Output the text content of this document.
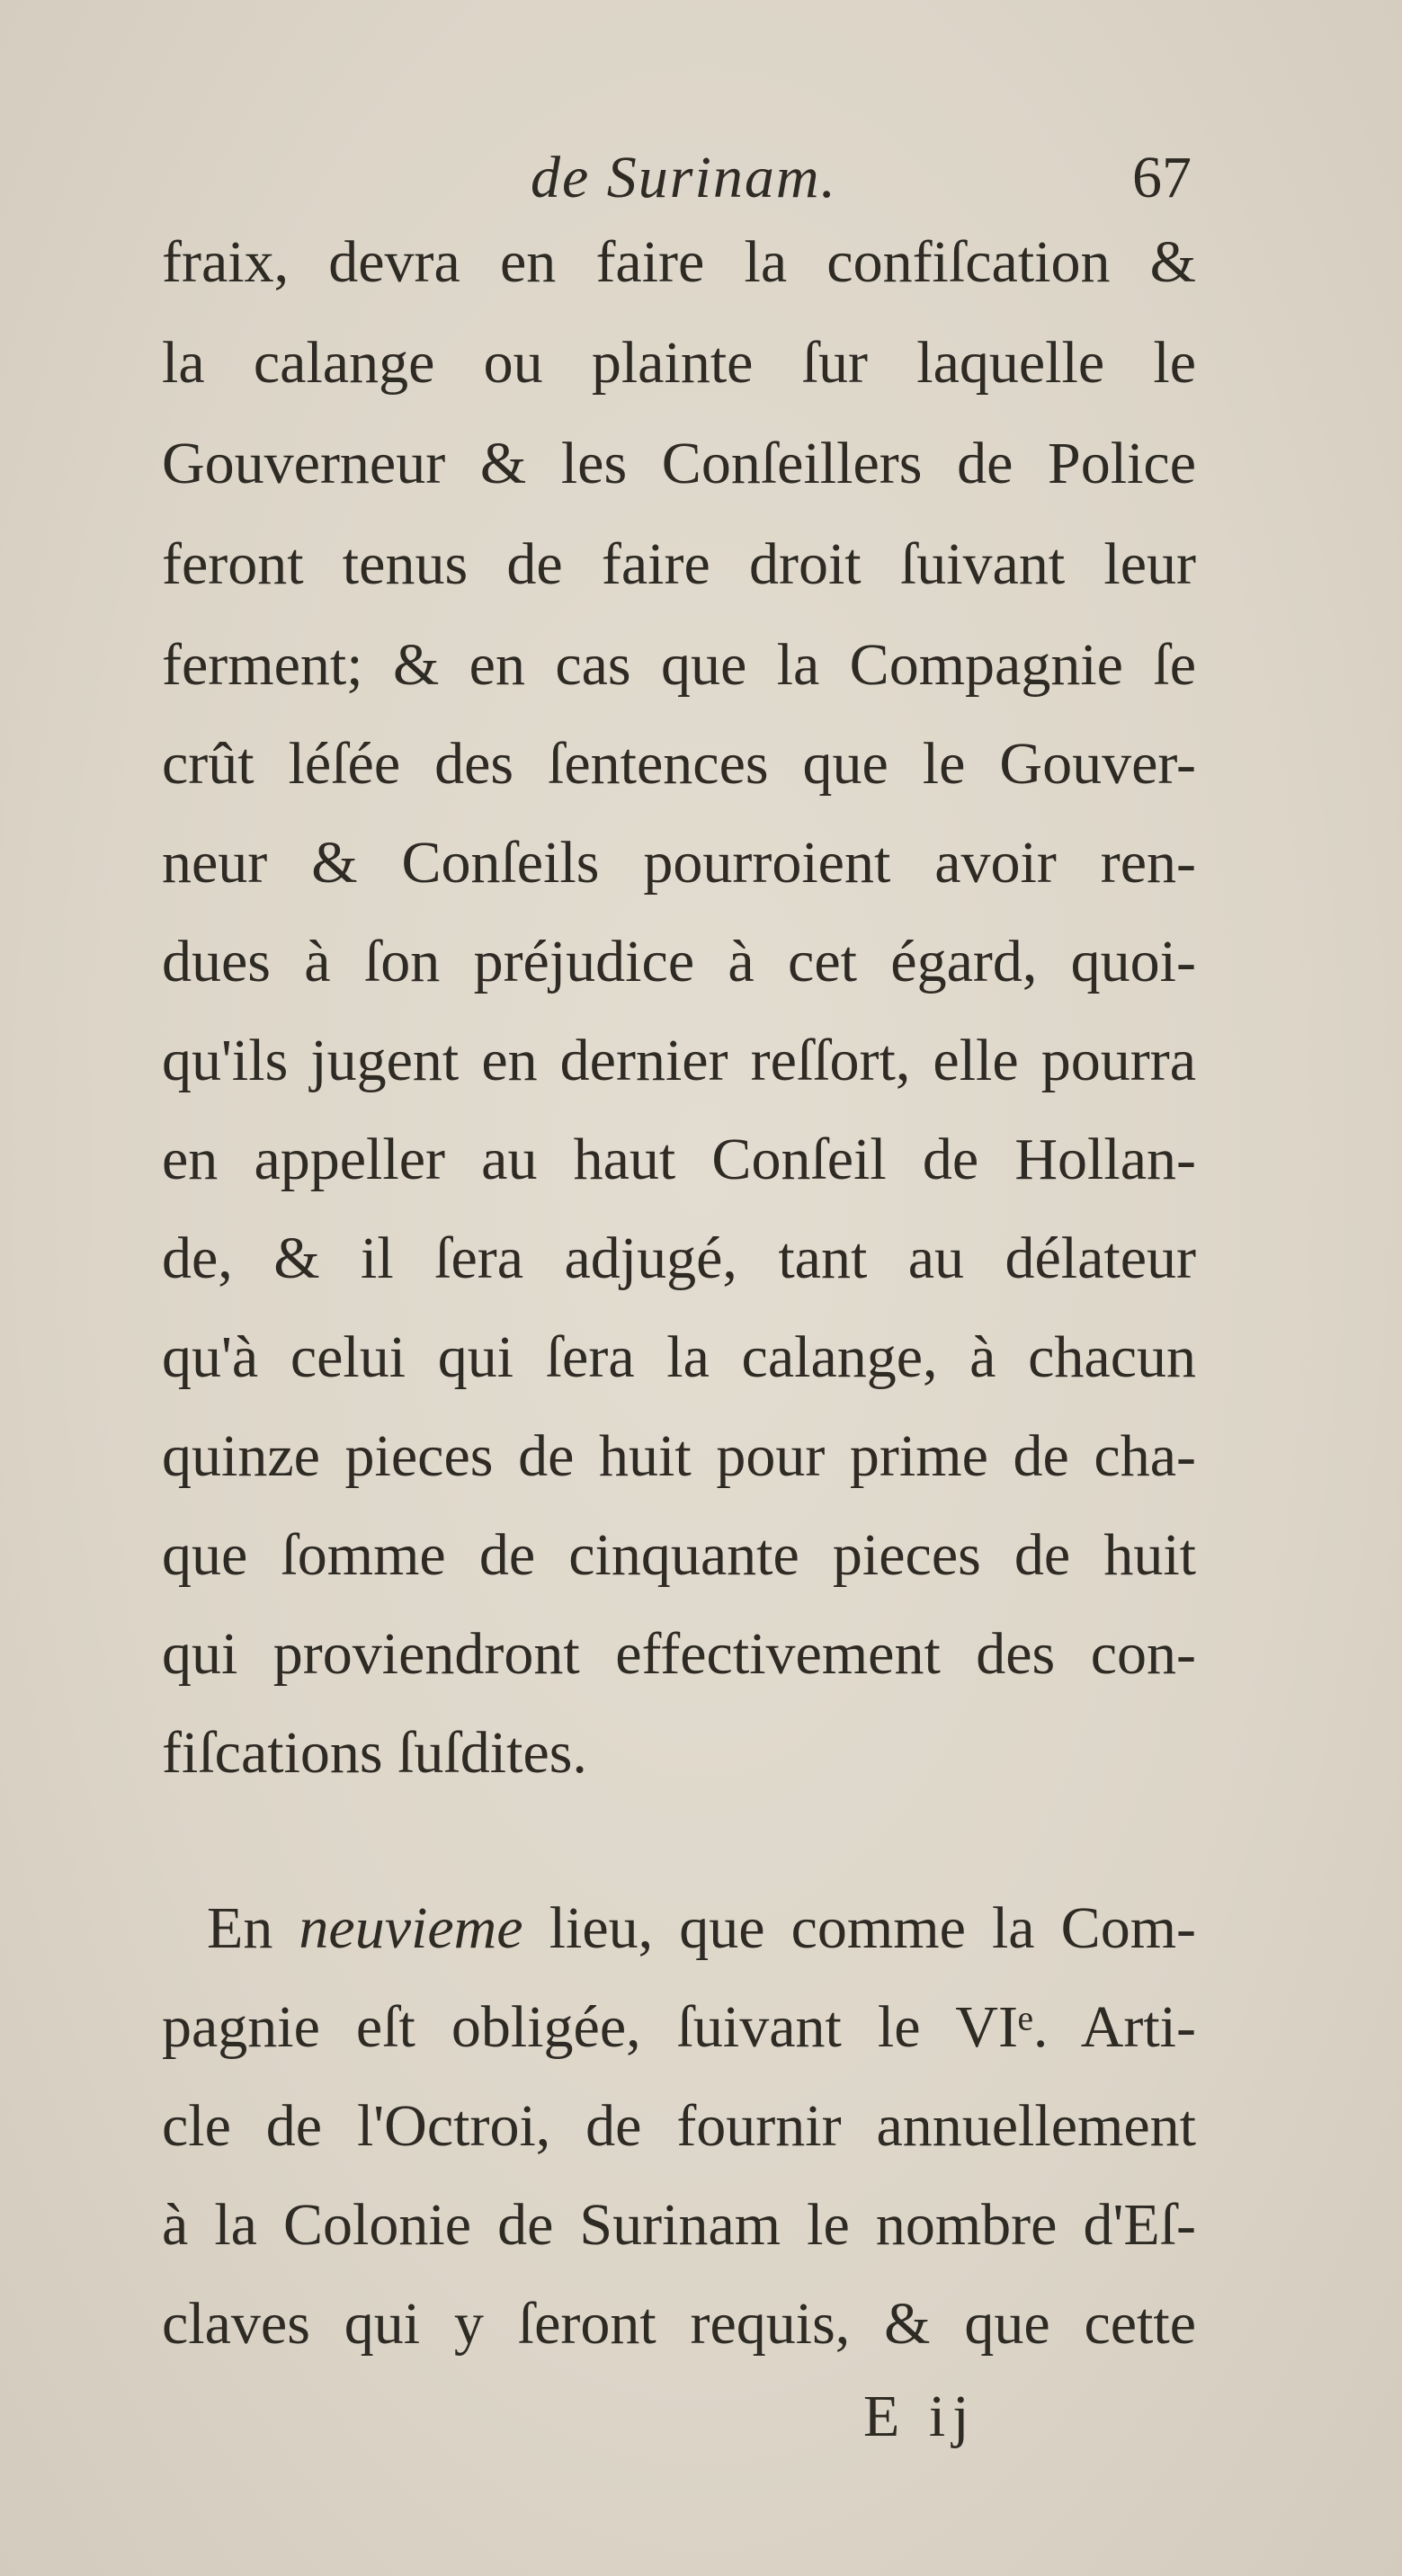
de Surinam.	67
fraix, devra en faire la confiſcation &
la calange ou plainte ſur laquelle le
Gouverneur & les Conſeillers de Police
feront tenus de faire droit ſuivant leur
ferment; & en cas que la Compagnie ſe
crût léſée des ſentences que le Gouver-
neur & Conſeils pourroient avoir ren-
dues à ſon préjudice à cet égard, quoi-
qu'ils jugent en dernier reſſort, elle pourra
en appeller au haut Conſeil de Hollan-
de, & il ſera adjugé, tant au délateur
qu'à celui qui ſera la calange, à chacun
quinze pieces de huit pour prime de cha-
que ſomme de cinquante pieces de huit
qui proviendront effectivement des con-
fiſcations ſuſdites.
En neuvieme lieu, que comme la Com-
pagnie eſt obligée, ſuivant le VIᵉ. Arti-
cle de l'Octroi, de fournir annuellement
à la Colonie de Surinam le nombre d'Eſ-
claves qui y ſeront requis, & que cette
E ij
